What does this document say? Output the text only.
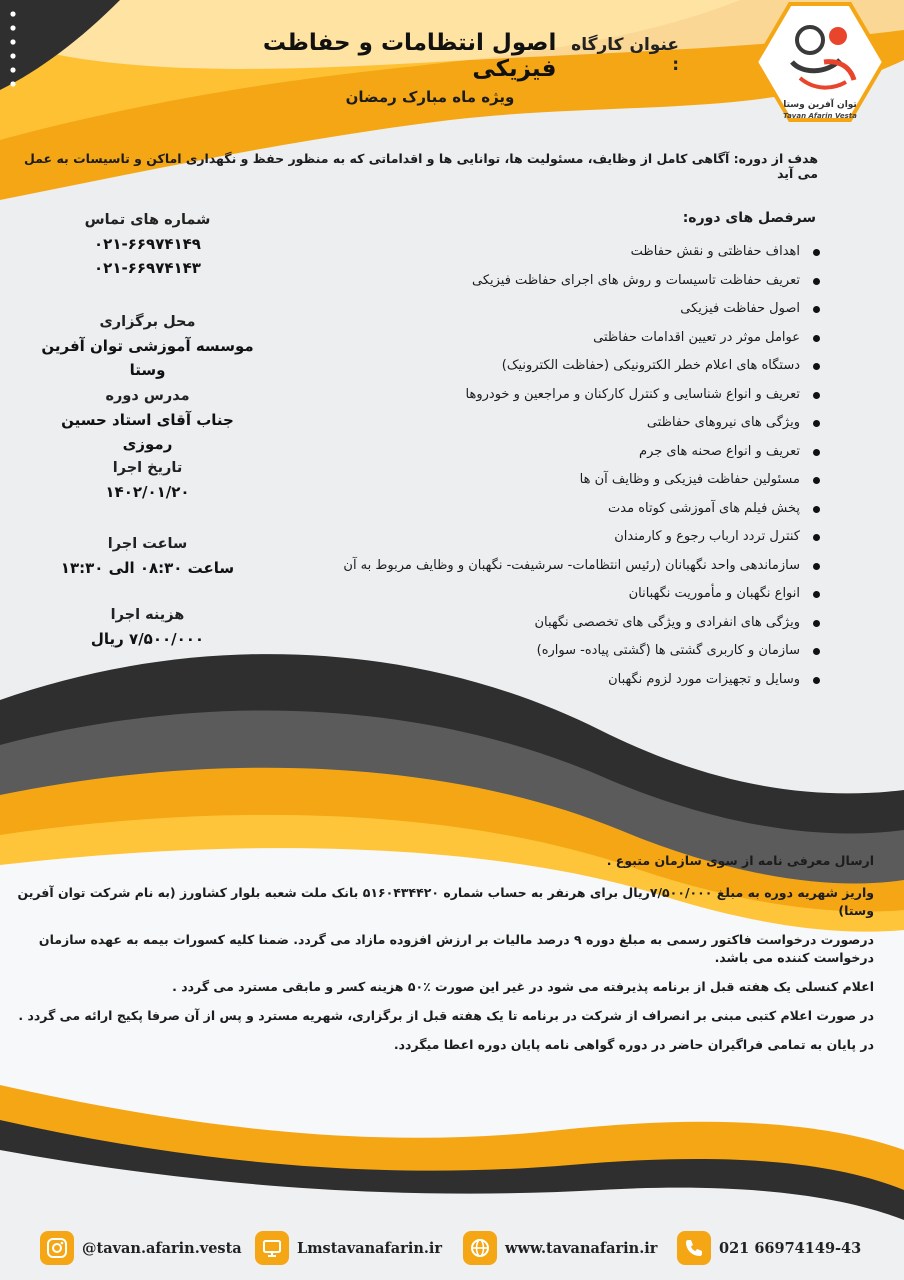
توان آفرین وستا
Tavan Afarin Vesta
عنوان کارگاه :
اصول انتظامات و حفاظت فیزیکی
ویژه ماه مبارک رمضان
هدف از دوره: آگاهی کامل از وظایف، مسئولیت ها، توانایی ها و اقداماتی که به منظور حفظ و نگهداری اماکن و تاسیسات به عمل می آید
سرفصل های دوره:
اهداف حفاظتی و نقش حفاظت
تعریف حفاظت تاسیسات و روش های اجرای حفاظت فیزیکی
اصول حفاظت فیزیکی
عوامل موثر در تعیین اقدامات حفاظتی
دستگاه های اعلام خطر الکترونیکی (حفاظت الکترونیک)
تعریف و انواع شناسایی و کنترل کارکنان و مراجعین و خودروها
ویژگی های نیروهای حفاظتی
تعریف و انواع صحنه های جرم
مسئولین حفاظت فیزیکی و وظایف آن ها
پخش فیلم های آموزشی کوتاه مدت
کنترل تردد ارباب رجوع و کارمندان
سازماندهی واحد نگهبانان (رئیس انتظامات- سرشیفت- نگهبان و وظایف مربوط به آن
انواع نگهبان و مأموریت نگهبانان
ویژگی های انفرادی و ویژگی های تخصصی نگهبان
سازمان و کاربری گشتی ها (گشتی پیاده- سواره)
وسایل و تجهیزات مورد لزوم نگهبان
شماره های تماس
۰۲۱-۶۶۹۷۴۱۴۹
۰۲۱-۶۶۹۷۴۱۴۳
محل برگزاری
موسسه آموزشی توان آفرین وستا
مدرس دوره
جناب آقای استاد حسین رموزی
تاریخ اجرا
۱۴۰۲/۰۱/۲۰
ساعت اجرا
ساعت ۰۸:۳۰ الی ۱۳:۳۰
هزینه اجرا
۷/۵۰۰/۰۰۰ ریال
ارسال معرفی نامه از سوی سازمان متبوع .
واریز شهریه دوره به مبلغ ۷/۵۰۰/۰۰۰ریال برای هرنفر به حساب شماره ۵۱۶۰۴۳۴۴۲۰ بانک ملت شعبه بلوار کشاورز (به نام شرکت توان آفرین وستا)
درصورت درخواست فاکتور رسمی به مبلغ دوره ۹ درصد مالیات بر ارزش افزوده مازاد می گردد. ضمنا کلیه کسورات بیمه به عهده سازمان درخواست کننده می باشد.
اعلام کنسلی یک هفته قبل از برنامه پذیرفته می شود در غیر این صورت ٪۵۰ هزینه کسر و مابقی مسترد می گردد .
در صورت اعلام کتبی مبنی بر انصراف از شرکت در برنامه تا یک هفته قبل از برگزاری، شهریه مسترد و پس از آن صرفا پکیج ارائه می گردد .
در پایان به تمامی فراگیران حاضر در دوره گواهی نامه پایان دوره اعطا میگردد.
@tavan.afarin.vesta	Lmstavanafarin.ir	www.tavanafarin.ir	021 66974149-43
